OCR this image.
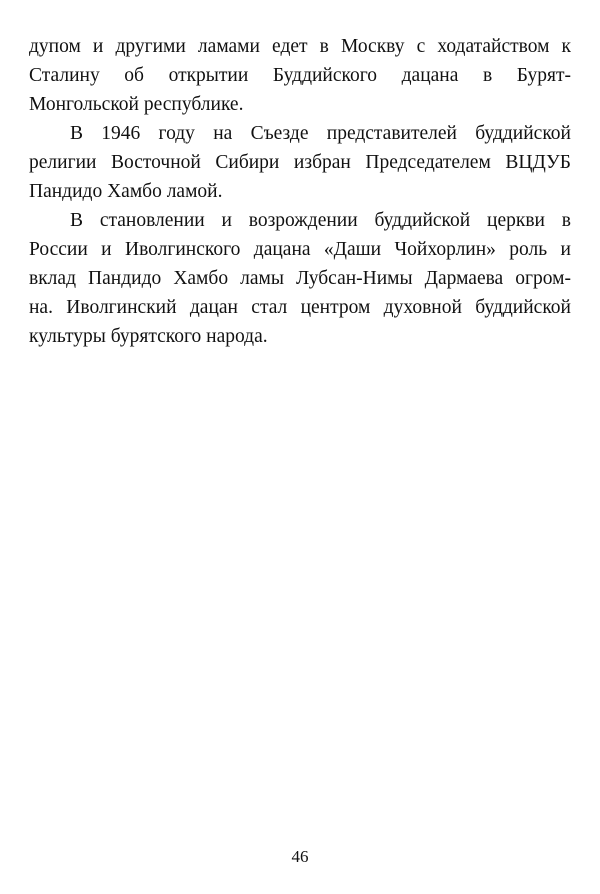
дупом и другими ламами едет в Москву с ходатайством к
Сталину об открытии Буддийского дацана в Бурят-
Монгольской республике.
В 1946 году на Съезде представителей буддийской
религии Восточной Сибири избран Председателем ВЦДУБ
Пандидо Хамбо ламой.
В становлении и возрождении буддийской церкви в
России и Иволгинского дацана «Даши Чойхорлин» роль и
вклад Пандидо Хамбо ламы Лубсан-Нимы Дармаева огром-
на. Иволгинский дацан стал центром духовной буддийской
культуры бурятского народа.
46
